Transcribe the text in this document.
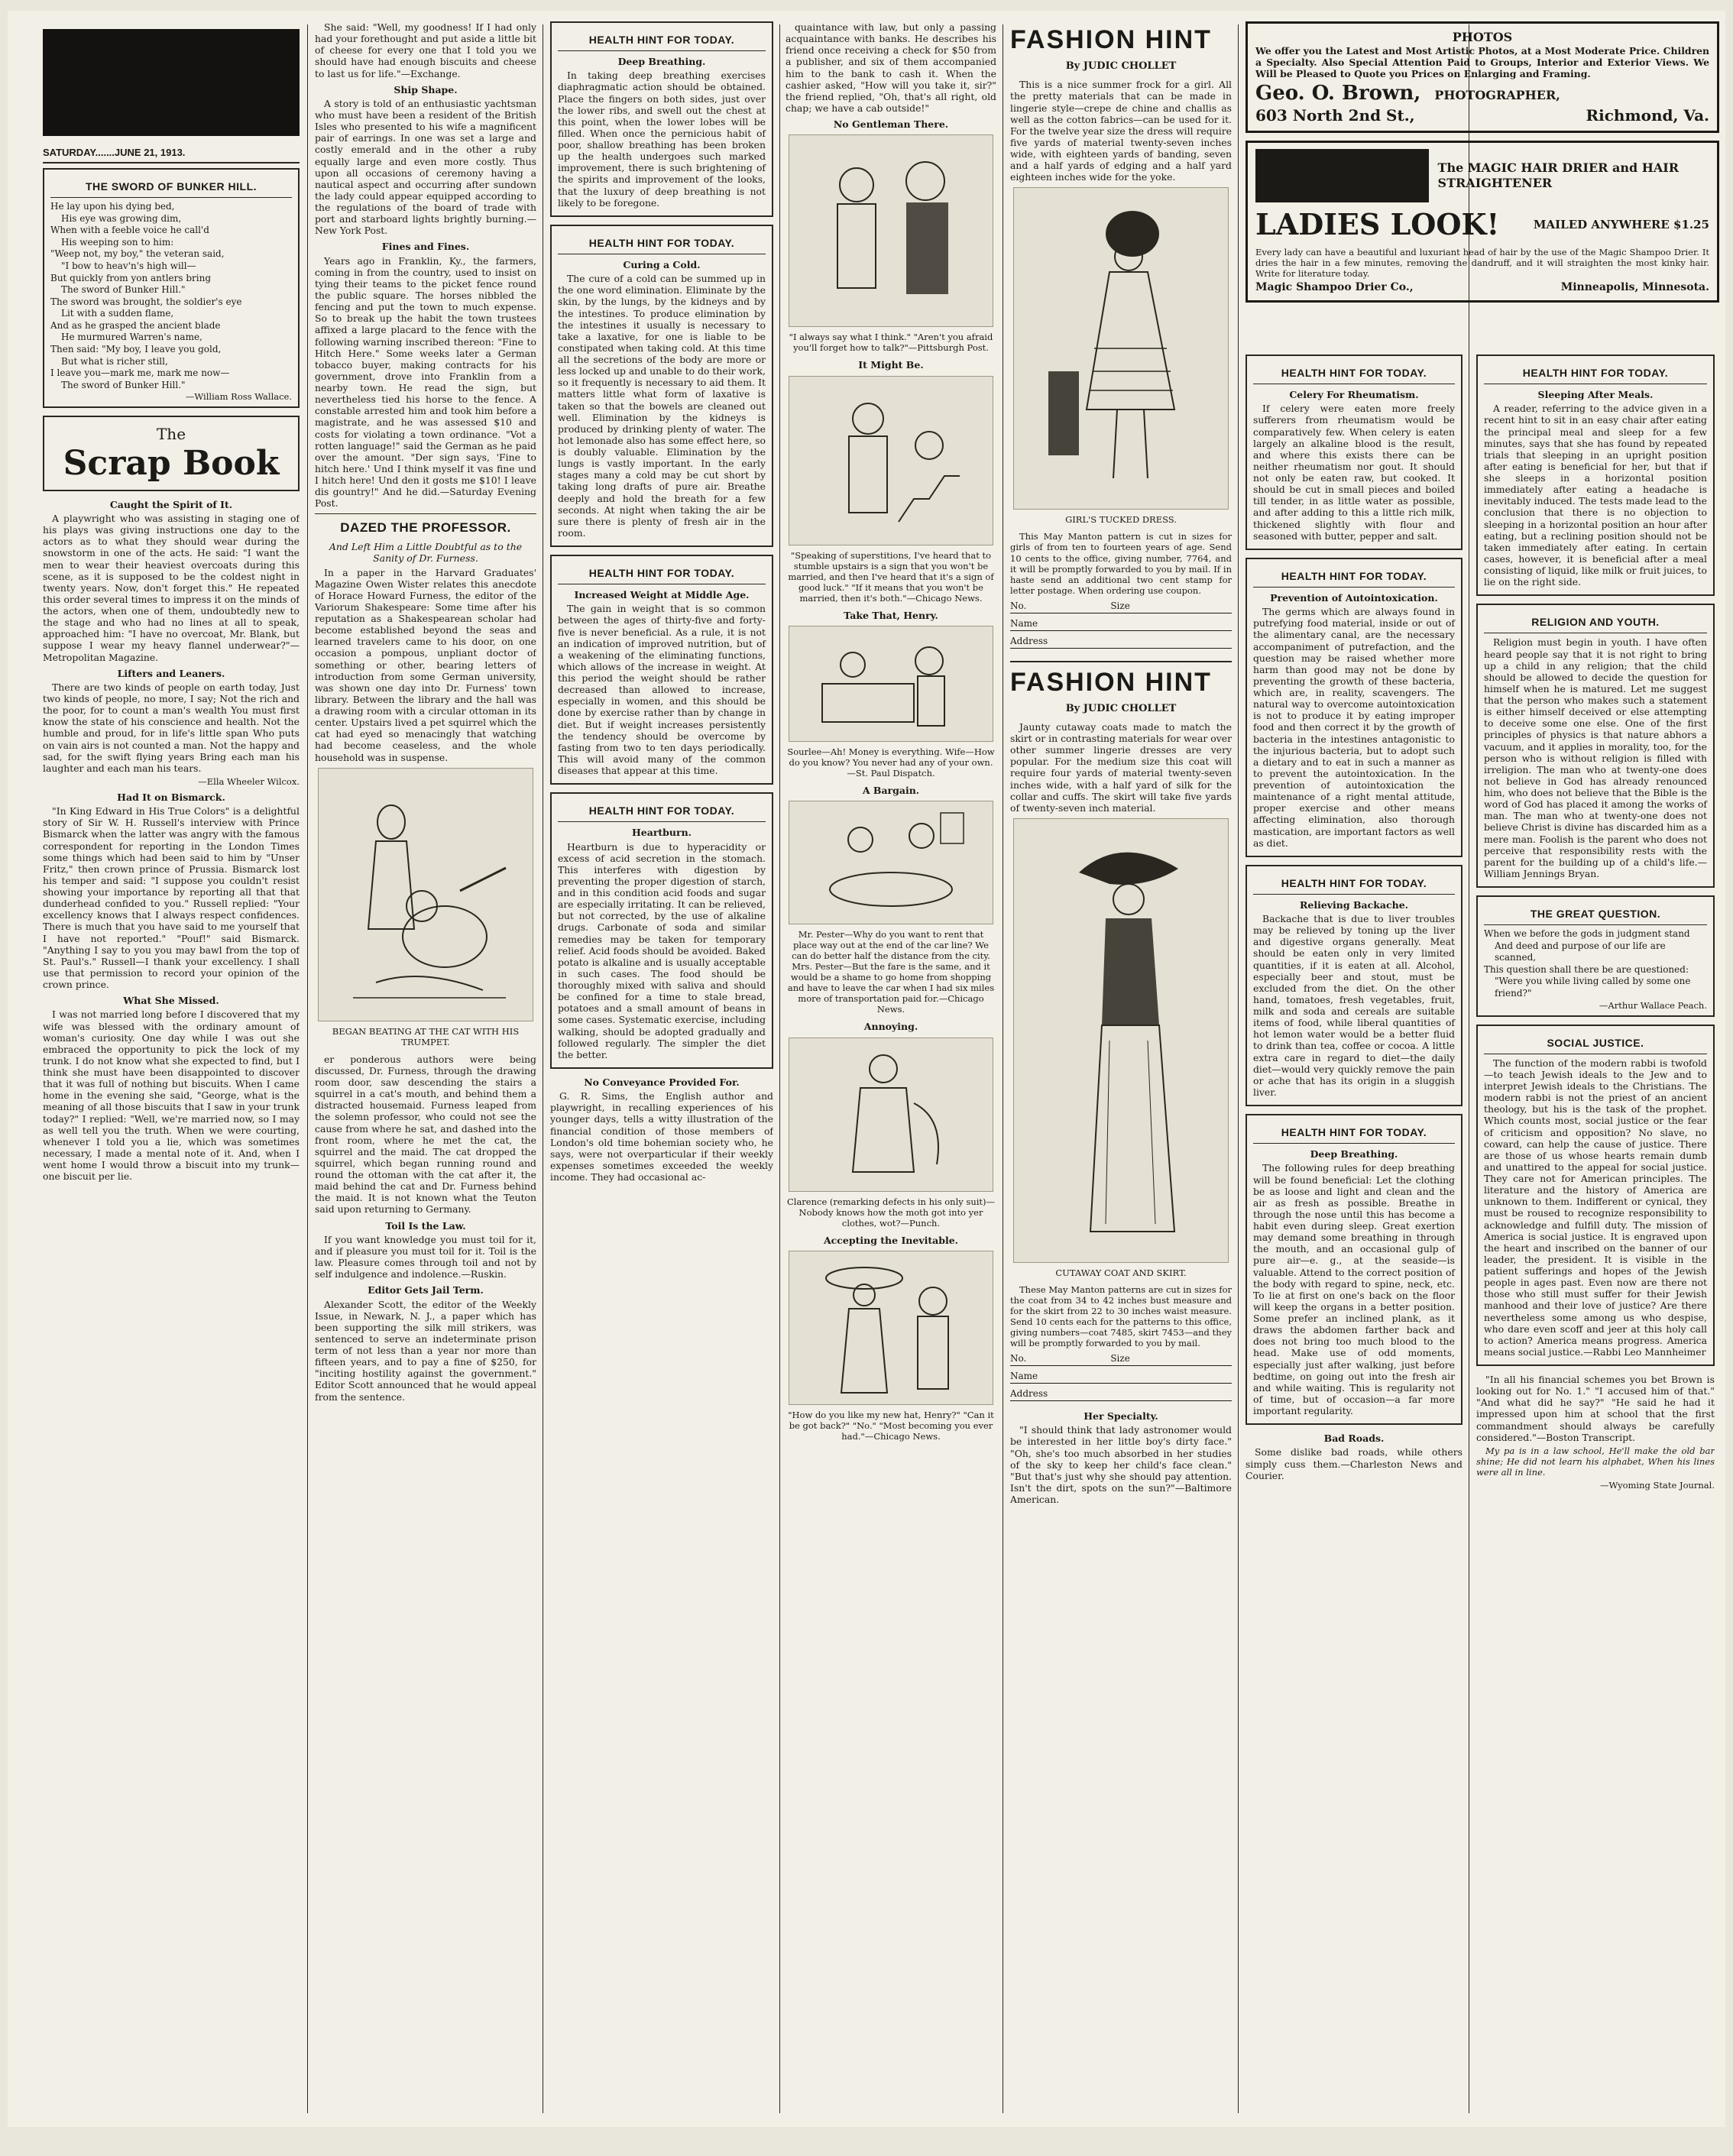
SATURDAY.......JUNE 21, 1913.
THE SWORD OF BUNKER HILL.
He lay upon his dying bed,
His eye was growing dim,
When with a feeble voice he call'd
His weeping son to him:
"Weep not, my boy," the veteran said,
"I bow to heav'n's high will—
But quickly from yon antlers bring
The sword of Bunker Hill."
The sword was brought, the soldier's eye
Lit with a sudden flame,
And as he grasped the ancient blade
He murmured Warren's name,
Then said: "My boy, I leave you gold,
But what is richer still,
I leave you—mark me, mark me now—
The sword of Bunker Hill."
—William Ross Wallace.
The
Scrap Book
Caught the Spirit of It.

A playwright who was assisting in staging one of his plays was giving instructions one day to the actors as to what they should wear during the snowstorm in one of the acts. He said: "I want the men to wear their heaviest overcoats during this scene, as it is supposed to be the coldest night in twenty years. Now, don't forget this." He repeated this order several times to impress it on the minds of the actors, when one of them, undoubtedly new to the stage and who had no lines at all to speak, approached him: "I have no overcoat, Mr. Blank, but suppose I wear my heavy flannel underwear?"—Metropolitan Magazine.

Lifters and Leaners.

There are two kinds of people on earth today, Just two kinds of people, no more, I say; Not the rich and the poor, for to count a man's wealth You must first know the state of his conscience and health. Not the humble and proud, for in life's little span Who puts on vain airs is not counted a man. Not the happy and sad, for the swift flying years Bring each man his laughter and each man his tears.

—Ella Wheeler Wilcox.
Had It on Bismarck.

"In King Edward in His True Colors" is a delightful story of Sir W. H. Russell's interview with Prince Bismarck when the latter was angry with the famous correspondent for reporting in the London Times some things which had been said to him by "Unser Fritz," then crown prince of Prussia. Bismarck lost his temper and said: "I suppose you couldn't resist showing your importance by reporting all that that dunderhead confided to you." Russell replied: "Your excellency knows that I always respect confidences. There is much that you have said to me yourself that I have not reported." "Pouf!" said Bismarck. "Anything I say to you you may bawl from the top of St. Paul's." Russell—I thank your excellency. I shall use that permission to record your opinion of the crown prince.

What She Missed.

I was not married long before I discovered that my wife was blessed with the ordinary amount of woman's curiosity. One day while I was out she embraced the opportunity to pick the lock of my trunk. I do not know what she expected to find, but I think she must have been disappointed to discover that it was full of nothing but biscuits. When I came home in the evening she said, "George, what is the meaning of all those biscuits that I saw in your trunk today?" I replied: "Well, we're married now, so I may as well tell you the truth. When we were courting, whenever I told you a lie, which was sometimes necessary, I made a mental note of it. And, when I went home I would throw a biscuit into my trunk—one biscuit per lie.

She said: "Well, my goodness! If I had only had your forethought and put aside a little bit of cheese for every one that I told you we should have had enough biscuits and cheese to last us for life."—Exchange.

Ship Shape.

A story is told of an enthusiastic yachtsman who must have been a resident of the British Isles who presented to his wife a magnificent pair of earrings. In one was set a large and costly emerald and in the other a ruby equally large and even more costly. Thus upon all occasions of ceremony having a nautical aspect and occurring after sundown the lady could appear equipped according to the regulations of the board of trade with port and starboard lights brightly burning.—New York Post.

Fines and Fines.

Years ago in Franklin, Ky., the farmers, coming in from the country, used to insist on tying their teams to the picket fence round the public square. The horses nibbled the fencing and put the town to much expense. So to break up the habit the town trustees affixed a large placard to the fence with the following warning inscribed thereon: "Fine to Hitch Here." Some weeks later a German tobacco buyer, making contracts for his government, drove into Franklin from a nearby town. He read the sign, but nevertheless tied his horse to the fence. A constable arrested him and took him before a magistrate, and he was assessed $10 and costs for violating a town ordinance. "Vot a rotten language!" said the German as he paid over the amount. "Der sign says, 'Fine to hitch here.' Und I think myself it vas fine und I hitch here! Und den it gosts me $10! I leave dis gountry!" And he did.—Saturday Evening Post.

DAZED THE PROFESSOR.
And Left Him a Little Doubtful as to the Sanity of Dr. Furness.

In a paper in the Harvard Graduates' Magazine Owen Wister relates this anecdote of Horace Howard Furness, the editor of the Variorum Shakespeare: Some time after his reputation as a Shakespearean scholar had become established beyond the seas and learned travelers came to his door, on one occasion a pompous, unpliant doctor of something or other, bearing letters of introduction from some German university, was shown one day into Dr. Furness' town library. Between the library and the hall was a drawing room with a circular ottoman in its center. Upstairs lived a pet squirrel which the cat had eyed so menacingly that watching had become ceaseless, and the whole household was in suspense.

BEGAN BEATING AT THE CAT WITH HIS TRUMPET.

er ponderous authors were being discussed, Dr. Furness, through the drawing room door, saw descending the stairs a squirrel in a cat's mouth, and behind them a distracted housemaid. Furness leaped from the solemn professor, who could not see the cause from where he sat, and dashed into the front room, where he met the cat, the squirrel and the maid. The cat dropped the squirrel, which began running round and round the ottoman with the cat after it, the maid behind the cat and Dr. Furness behind the maid. It is not known what the Teuton said upon returning to Germany.

Toil Is the Law.

If you want knowledge you must toil for it, and if pleasure you must toil for it. Toil is the law. Pleasure comes through toil and not by self indulgence and indolence.—Ruskin.

Editor Gets Jail Term.

Alexander Scott, the editor of the Weekly Issue, in Newark, N. J., a paper which has been supporting the silk mill strikers, was sentenced to serve an indeterminate prison term of not less than a year nor more than fifteen years, and to pay a fine of $250, for "inciting hostility against the government." Editor Scott announced that he would appeal from the sentence.

HEALTH HINT FOR TODAY.
Deep Breathing.

In taking deep breathing exercises diaphragmatic action should be obtained. Place the fingers on both sides, just over the lower ribs, and swell out the chest at this point, when the lower lobes will be filled. When once the pernicious habit of poor, shallow breathing has been broken up the health undergoes such marked improvement, there is such brightening of the spirits and improvement of the looks, that the luxury of deep breathing is not likely to be foregone.

HEALTH HINT FOR TODAY.
Curing a Cold.

The cure of a cold can be summed up in the one word elimination. Eliminate by the skin, by the lungs, by the kidneys and by the intestines. To produce elimination by the intestines it usually is necessary to take a laxative, for one is liable to be constipated when taking cold. At this time all the secretions of the body are more or less locked up and unable to do their work, so it frequently is necessary to aid them. It matters little what form of laxative is taken so that the bowels are cleaned out well. Elimination by the kidneys is produced by drinking plenty of water. The hot lemonade also has some effect here, so is doubly valuable. Elimination by the lungs is vastly important. In the early stages many a cold may be cut short by taking long drafts of pure air. Breathe deeply and hold the breath for a few seconds. At night when taking the air be sure there is plenty of fresh air in the room.

HEALTH HINT FOR TODAY.
Increased Weight at Middle Age.

The gain in weight that is so common between the ages of thirty-five and forty-five is never beneficial. As a rule, it is not an indication of improved nutrition, but of a weakening of the eliminating functions, which allows of the increase in weight. At this period the weight should be rather decreased than allowed to increase, especially in women, and this should be done by exercise rather than by change in diet. But if weight increases persistently the tendency should be overcome by fasting from two to ten days periodically. This will avoid many of the common diseases that appear at this time.

HEALTH HINT FOR TODAY.
Heartburn.

Heartburn is due to hyperacidity or excess of acid secretion in the stomach. This interferes with digestion by preventing the proper digestion of starch, and in this condition acid foods and sugar are especially irritating. It can be relieved, but not corrected, by the use of alkaline drugs. Carbonate of soda and similar remedies may be taken for temporary relief. Acid foods should be avoided. Baked potato is alkaline and is usually acceptable in such cases. The food should be thoroughly mixed with saliva and should be confined for a time to stale bread, potatoes and a small amount of beans in some cases. Systematic exercise, including walking, should be adopted gradually and followed regularly. The simpler the diet the better.

No Conveyance Provided For.

G. R. Sims, the English author and playwright, in recalling experiences of his younger days, tells a witty illustration of the financial condition of those members of London's old time bohemian society who, he says, were not overparticular if their weekly expenses sometimes exceeded the weekly income. They had occasional ac-

quaintance with law, but only a passing acquaintance with banks. He describes his friend once receiving a check for $50 from a publisher, and six of them accompanied him to the bank to cash it. When the cashier asked, "How will you take it, sir?" the friend replied, "Oh, that's all right, old chap; we have a cab outside!"

No Gentleman There.
"I always say what I think." "Aren't you afraid you'll forget how to talk?"—Pittsburgh Post.
It Might Be.
"Speaking of superstitions, I've heard that to stumble upstairs is a sign that you won't be married, and then I've heard that it's a sign of good luck." "If it means that you won't be married, then it's both."—Chicago News.
Take That, Henry.
Sourlee—Ah! Money is everything. Wife—How do you know? You never had any of your own.—St. Paul Dispatch.
A Bargain.
Mr. Pester—Why do you want to rent that place way out at the end of the car line? We can do better half the distance from the city. Mrs. Pester—But the fare is the same, and it would be a shame to go home from shopping and have to leave the car when I had six miles more of transportation paid for.—Chicago News.
Annoying.
Clarence (remarking defects in his only suit)—Nobody knows how the moth got into yer clothes, wot?—Punch.
Accepting the Inevitable.
"How do you like my new hat, Henry?" "Can it be got back?" "No." "Most becoming you ever had."—Chicago News.
FASHION HINT
By JUDIC CHOLLET

This is a nice summer frock for a girl. All the pretty materials that can be made in lingerie style—crepe de chine and challis as well as the cotton fabrics—can be used for it. For the twelve year size the dress will require five yards of material twenty-seven inches wide, with eighteen yards of banding, seven and a half yards of edging and a half yard eighteen inches wide for the yoke.

GIRL'S TUCKED DRESS.

This May Manton pattern is cut in sizes for girls of from ten to fourteen years of age. Send 10 cents to the office, giving number, 7764, and it will be promptly forwarded to you by mail. If in haste send an additional two cent stamp for letter postage. When ordering use coupon.

No.	Size
Name
Address
FASHION HINT
By JUDIC CHOLLET

Jaunty cutaway coats made to match the skirt or in contrasting materials for wear over other summer lingerie dresses are very popular. For the medium size this coat will require four yards of material twenty-seven inches wide, with a half yard of silk for the collar and cuffs. The skirt will take five yards of twenty-seven inch material.

CUTAWAY COAT AND SKIRT.

These May Manton patterns are cut in sizes for the coat from 34 to 42 inches bust measure and for the skirt from 22 to 30 inches waist measure. Send 10 cents each for the patterns to this office, giving numbers—coat 7485, skirt 7453—and they will be promptly forwarded to you by mail.

No.	Size
Name
Address
Her Specialty.

"I should think that lady astronomer would be interested in her little boy's dirty face." "Oh, she's too much absorbed in her studies of the sky to keep her child's face clean." "But that's just why she should pay attention. Isn't the dirt, spots on the sun?"—Baltimore American.

PHOTOS

We offer you the Latest and Most Artistic Photos, at a Most Moderate Price. Children a Specialty. Also Special Attention Paid to Groups, Interior and Exterior Views. We Will be Pleased to Quote you Prices on Enlarging and Framing.

Geo. O. Brown, PHOTOGRAPHER,
603 North 2nd St.,	Richmond, Va.
The MAGIC HAIR DRIER and HAIR STRAIGHTENER
LADIES LOOK!	MAILED ANYWHERE $1.25

Every lady can have a beautiful and luxuriant head of hair by the use of the Magic Shampoo Drier. It dries the hair in a few minutes, removing the dandruff, and it will straighten the most kinky hair. Write for literature today.

Magic Shampoo Drier Co.,	Minneapolis, Minnesota.
HEALTH HINT FOR TODAY.
Celery For Rheumatism.

If celery were eaten more freely sufferers from rheumatism would be comparatively few. When celery is eaten largely an alkaline blood is the result, and where this exists there can be neither rheumatism nor gout. It should not only be eaten raw, but cooked. It should be cut in small pieces and boiled till tender, in as little water as possible, and after adding to this a little rich milk, thickened slightly with flour and seasoned with butter, pepper and salt.

HEALTH HINT FOR TODAY.
Prevention of Autointoxication.

The germs which are always found in putrefying food material, inside or out of the alimentary canal, are the necessary accompaniment of putrefaction, and the question may be raised whether more harm than good may not be done by preventing the growth of these bacteria, which are, in reality, scavengers. The natural way to overcome autointoxication is not to produce it by eating improper food and then correct it by the growth of bacteria in the intestines antagonistic to the injurious bacteria, but to adopt such a dietary and to eat in such a manner as to prevent the autointoxication. In the prevention of autointoxication the maintenance of a right mental attitude, proper exercise and other means affecting elimination, also thorough mastication, are important factors as well as diet.

HEALTH HINT FOR TODAY.
Relieving Backache.

Backache that is due to liver troubles may be relieved by toning up the liver and digestive organs generally. Meat should be eaten only in very limited quantities, if it is eaten at all. Alcohol, especially beer and stout, must be excluded from the diet. On the other hand, tomatoes, fresh vegetables, fruit, milk and soda and cereals are suitable items of food, while liberal quantities of hot lemon water would be a better fluid to drink than tea, coffee or cocoa. A little extra care in regard to diet—the daily diet—would very quickly remove the pain or ache that has its origin in a sluggish liver.

HEALTH HINT FOR TODAY.
Deep Breathing.

The following rules for deep breathing will be found beneficial: Let the clothing be as loose and light and clean and the air as fresh as possible. Breathe in through the nose until this has become a habit even during sleep. Great exertion may demand some breathing in through the mouth, and an occasional gulp of pure air—e. g., at the seaside—is valuable. Attend to the correct position of the body with regard to spine, neck, etc. To lie at first on one's back on the floor will keep the organs in a better position. Some prefer an inclined plank, as it draws the abdomen farther back and does not bring too much blood to the head. Make use of odd moments, especially just after walking, just before bedtime, on going out into the fresh air and while waiting. This is regularity not of time, but of occasion—a far more important regularity.

Bad Roads.

Some dislike bad roads, while others simply cuss them.—Charleston News and Courier.

HEALTH HINT FOR TODAY.
Sleeping After Meals.

A reader, referring to the advice given in a recent hint to sit in an easy chair after eating the principal meal and sleep for a few minutes, says that she has found by repeated trials that sleeping in an upright position after eating is beneficial for her, but that if she sleeps in a horizontal position immediately after eating a headache is inevitably induced. The tests made lead to the conclusion that there is no objection to sleeping in a horizontal position an hour after eating, but a reclining position should not be taken immediately after eating. In certain cases, however, it is beneficial after a meal consisting of liquid, like milk or fruit juices, to lie on the right side.

RELIGION AND YOUTH.

Religion must begin in youth. I have often heard people say that it is not right to bring up a child in any religion; that the child should be allowed to decide the question for himself when he is matured. Let me suggest that the person who makes such a statement is either himself deceived or else attempting to deceive some one else. One of the first principles of physics is that nature abhors a vacuum, and it applies in morality, too, for the person who is without religion is filled with irreligion. The man who at twenty-one does not believe in God has already renounced him, who does not believe that the Bible is the word of God has placed it among the works of man. The man who at twenty-one does not believe Christ is divine has discarded him as a mere man. Foolish is the parent who does not perceive that responsibility rests with the parent for the building up of a child's life.—William Jennings Bryan.

THE GREAT QUESTION.
When we before the gods in judgment stand
And deed and purpose of our life are scanned,
This question shall there be are questioned:
"Were you while living called by some one friend?"
—Arthur Wallace Peach.
SOCIAL JUSTICE.

The function of the modern rabbi is twofold—to teach Jewish ideals to the Jew and to interpret Jewish ideals to the Christians. The modern rabbi is not the priest of an ancient theology, but his is the task of the prophet. Which counts most, social justice or the fear of criticism and opposition? No slave, no coward, can help the cause of justice. There are those of us whose hearts remain dumb and unattired to the appeal for social justice. They care not for American principles. The literature and the history of America are unknown to them. Indifferent or cynical, they must be roused to recognize responsibility to acknowledge and fulfill duty. The mission of America is social justice. It is engraved upon the heart and inscribed on the banner of our leader, the president. It is visible in the patient sufferings and hopes of the Jewish people in ages past. Even now are there not those who still must suffer for their Jewish manhood and their love of justice? Are there nevertheless some among us who despise, who dare even scoff and jeer at this holy call to action? America means progress. America means social justice.—Rabbi Leo Mannheimer

"In all his financial schemes you bet Brown is looking out for No. 1." "I accused him of that." "And what did he say?" "He said he had it impressed upon him at school that the first commandment should always be carefully considered."—Boston Transcript.

My pa is in a law school, He'll make the old bar shine; He did not learn his alphabet, When his lines were all in line.

—Wyoming State Journal.
